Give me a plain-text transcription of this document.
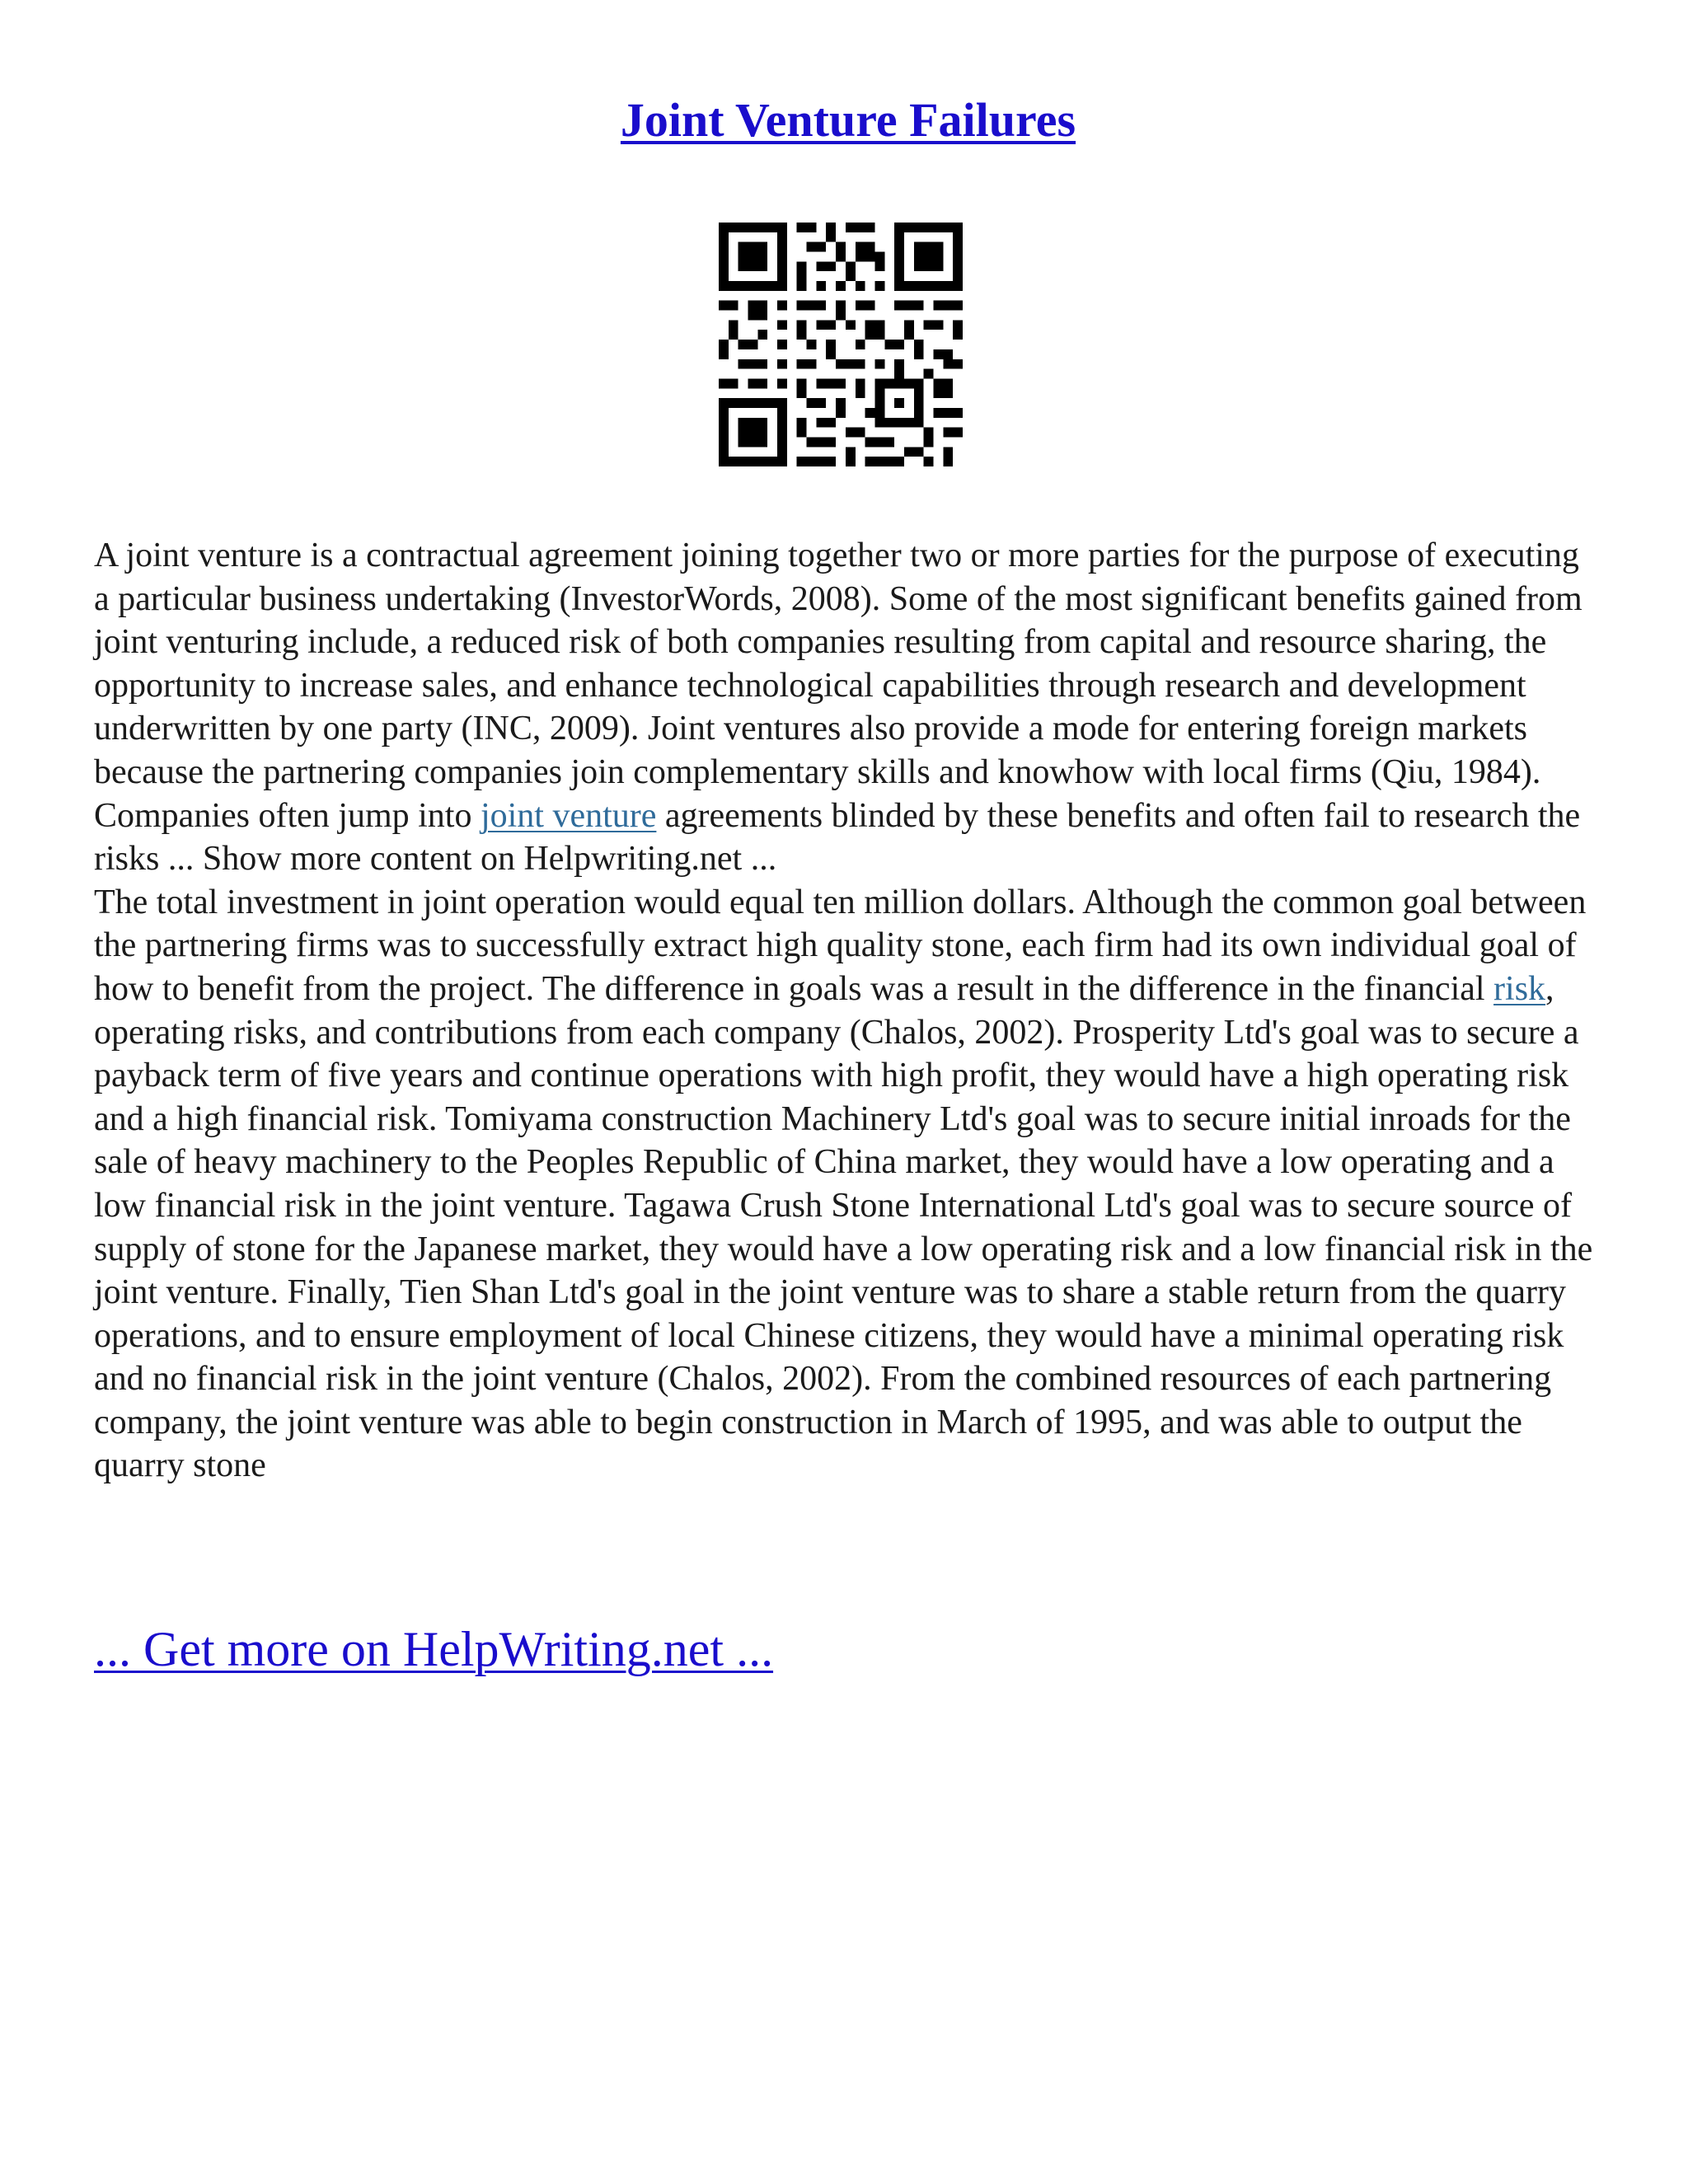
Joint Venture Failures

A joint venture is a contractual agreement joining together two or more parties for the purpose of executing a particular business undertaking (InvestorWords, 2008). Some of the most significant benefits gained from joint venturing include, a reduced risk of both companies resulting from capital and resource sharing, the opportunity to increase sales, and enhance technological capabilities through research and development underwritten by one party (INC, 2009). Joint ventures also provide a mode for entering foreign markets because the partnering companies join complementary skills and knowhow with local firms (Qiu, 1984). Companies often jump into joint venture agreements blinded by these benefits and often fail to research the risks ... Show more content on Helpwriting.net ...

The total investment in joint operation would equal ten million dollars. Although the common goal between the partnering firms was to successfully extract high quality stone, each firm had its own individual goal of how to benefit from the project. The difference in goals was a result in the difference in the financial risk, operating risks, and contributions from each company (Chalos, 2002). Prosperity Ltd's goal was to secure a payback term of five years and continue operations with high profit, they would have a high operating risk and a high financial risk. Tomiyama construction Machinery Ltd's goal was to secure initial inroads for the sale of heavy machinery to the Peoples Republic of China market, they would have a low operating and a low financial risk in the joint venture. Tagawa Crush Stone International Ltd's goal was to secure source of supply of stone for the Japanese market, they would have a low operating risk and a low financial risk in the joint venture. Finally, Tien Shan Ltd's goal in the joint venture was to share a stable return from the quarry operations, and to ensure employment of local Chinese citizens, they would have a minimal operating risk and no financial risk in the joint venture (Chalos, 2002). From the combined resources of each partnering company, the joint venture was able to begin construction in March of 1995, and was able to output the quarry stone

... Get more on HelpWriting.net ...
